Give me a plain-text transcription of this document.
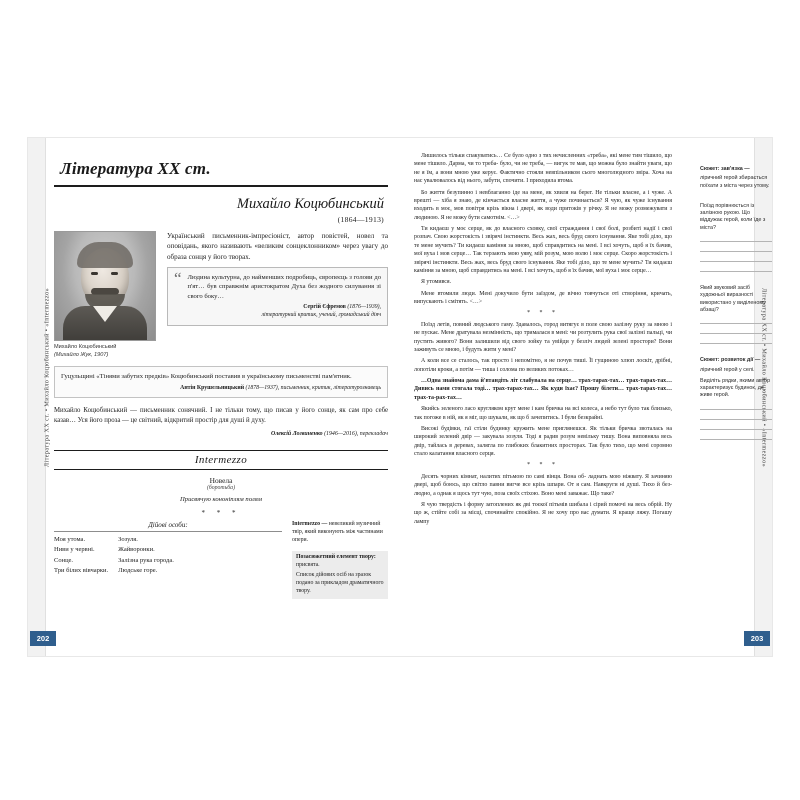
Література XX ст. • Михайло Коцюбинський • «Intermezzo»
202
Література XX ст.
Михайло Коцюбинський
(1864—1913)
Михайло Коцюбинський
(Михайло Жук, 1907)

Український письменник-імпресіоніст, автор повістей, новел та оповідань, якого називають «великим сонцеклонником» через увагу до образа сонця у його творах.

“ Людина культурна, до найменших подробиць, європеєць з голови до п'ят… був справжнім аристократом Духа без жодного силування зі свого боку…
Сергій Єфремов (1876—1939),
літературний критик, учений, громадський діяч
Гуцульщині «Тінями забутих предків» Коцюбинський поставив в українському письменстві пам'ятник.
Антін Крушельницький (1878—1937), письменник, критик, літературознавець
Михайло Коцюбинський — письменник сонячний. І не тільки тому, що писав у його сонце, як сам про себе казав… Уся його проза — це світний, відкритий простір для душі й духу.
Олексій Логвиненко (1946—2016), перекладач
Intermezzo
Новела
(боротьба)
Присвячую кононіплям полям
* * *
Дійові особи:
Моя утома.
Ниви у червні.
Сонце.
Три білих вівчарки.
Зозуля.
Жайворонки.
Залізна рука города.
Людське горе.
Intermezzo — невеликий музичний твір, який виконують між частинами опери.
Позасюжетний елемент твору: присвята.
Список дійових осіб на зразок подано за прикладом драматичного твору.
Література XX ст. • Михайло Коцюбинський • «Intermezzo»
203

Лишилось тільки спакуватись… Се було одно з тих нечисленних «треба», які мене тим тішило, що мене тішило. Дарма, чи то треба- було, чи не треба, — вигук те мав, що можна було знайти уваги, що не я їм, а вони мною уже керує. Фактично стояли невпільником сього многолюдного звіра. Хоча на нас увалювалось від нього, забути, спочити. І приходила втома.

Бо життя безупинно і невблаганно іде на мене, як хвиля на берег. Не тільки власне, а і чуже. А врешті — хіба я знаю, де кінчається власне життя, а чуже починається? Я чую, як чуже існування входить в моє, мов повітря крізь вікна і двері, як води притоків у річку. Я не можу розмежувати з людиною. Я не можу бути самотнім. <…>

Ти кидаєш у моє серце, як до власного сховку, свої страждання і свої болі, розбиті надії і свої розпач. Свою жорстокість і звірячі інстинкти. Весь жах, весь бруд свого існування. Яке тобі діло, що те мене мучить? Ти кидаєш каміння за мною, щоб справдитись на мені. І всі хочуть, щоб я їх бачив, мої вуха і мов серце… Так терзають мою уяву, мій розум, мою волю і моє серце. Скоро жорстокість і звірячі інстинкти. Весь жах, весь бруд свого існування. Яке тобі діло, що те мене мучить? Ти кидаєш каміння за мною, щоб справдитись на мені. І всі хочуть, щоб я їх бачив, мої вуха і моє серце…

Я утомився.

Мене втомили люди. Мені докучило бути заїздом, де вічно товчуться оті створіння, кричать, випускають і смітять. <…>

* * *

Поїзд летів, повний людського гаму. Здавалось, город витягує в поле свою залізну руку за мною і не пускає. Мене дратувала незмінність, що трималася в мені: чи розтулить рука свої залізні пальці, чи пустить живого? Вони залишили від свого зойку та увійди у безліч людей зелені простори? Вони заживуть се мною, і будуть жити у мені?

А коли все се сталось, так просто і непомітно, я не почув тиші. Її гущиною хлюп лоскіт, дрібні, лопотіли кроки, а потім — тиша і солома по великих потоках…

…Одна знайома дама й'втандіть літ слабувала на серце… трах-тарах-тах… трах-тарах-тах… Дивись нами стогала тоді… трах-тарах-тах… Як куди їхає? Прошу білети… трах-тарах-тах… трах-та-рах-тах…

Якийсь зеленого ласо кругляком крут мене і кам бричка на всі колеса, а небо тут було так близько, так погоже в ній, як я міг, що шукали, як що б зачепитись. І були безкрайні.

Високі будівки, гаї стіли будинку кружить мене приглянешся. Як тільки бричка звоталась на широкий зелений двір — закувала зозуля. Тоді я радив розум невільку тишу. Вона виповняла весь двір, тайлась в деревах, залягла по глибоких блакитних просторах. Так було тихо, що мені соромно стало калатання власного серця.

* * *

Десять чорних кімнат, налитих пітьмою по самі вінця. Вона об- ладнать мою ніжвату. Я зачиняю двері, щоб боюсь, що світло павни вигче все крізь шпари. От я сам. Навкруги ні душі. Тихо й без- людно, а однак я щось тут чую, поза своїх стіхою. Воно мені заважає. Що таке?

Я чую твердість і форму затоплених як дві тоєкої пітьмів шибала і сірий помочі на весь обрій. Ну що ж, стійте собі за місці, спочинайте спокійно. Я не хочу про вас думати. Я краще ляжу. Погашу лампу

Сюжет: зав'язка —
ліричний герой збирається поїхати з міста через утому.
Поїзд порівнюється із залізною рукою. Що віддужає герой, коли їде з міста?
Який звуковий засіб художньої виразності використано у виділеному абзаці?
Сюжет: розвиток дії —
ліричний герой у селі.
Виділіть рядки, якими автор характеризує будинок, де живе герой.
